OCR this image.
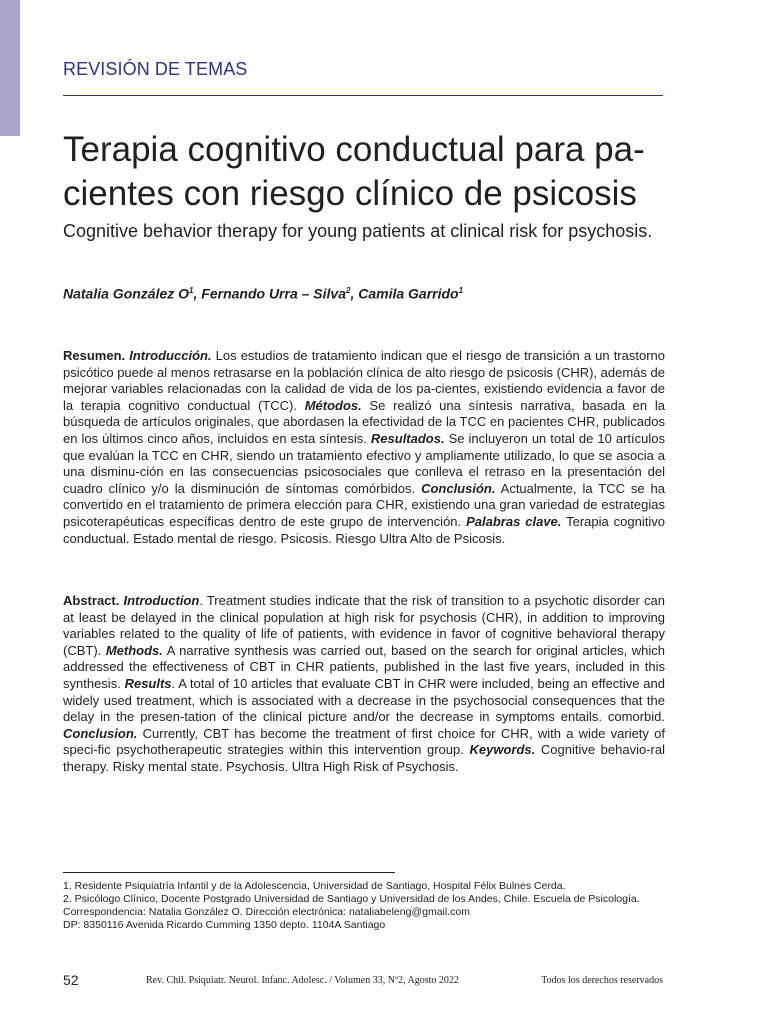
REVISIÓN DE TEMAS

Terapia cognitivo conductual para pa-cientes con riesgo clínico de psicosis

Cognitive behavior therapy for young patients at clinical risk for psychosis.

Natalia González $O^1$, Fernando Urra – Silva$^2$, Camila Garrido$^1$

Resumen. Introducción. Los estudios de tratamiento indican que el riesgo de transición a un trastorno psicótico puede al menos retrasarse en la población clínica de alto riesgo de psicosis (CHR), además de mejorar variables relacionadas con la calidad de vida de los pa-cientes, existiendo evidencia a favor de la terapia cognitivo conductual (TCC). Métodos. Se realizó una síntesis narrativa, basada en la búsqueda de artículos originales, que abordasen la efectividad de la TCC en pacientes CHR, publicados en los últimos cinco años, incluidos en esta síntesis. Resultados. Se incluyeron un total de 10 artículos que evalúan la TCC en CHR, siendo un tratamiento efectivo y ampliamente utilizado, lo que se asocia a una disminu-ción en las consecuencias psicosociales que conlleva el retraso en la presentación del cuadro clínico y/o la disminución de síntomas comórbidos. Conclusión. Actualmente, la TCC se ha convertido en el tratamiento de primera elección para CHR, existiendo una gran variedad de estrategias psicoterapéuticas específicas dentro de este grupo de intervención. Palabras clave. Terapia cognitivo conductual. Estado mental de riesgo. Psicosis. Riesgo Ultra Alto de Psicosis.

Abstract. Introduction. Treatment studies indicate that the risk of transition to a psychotic disorder can at least be delayed in the clinical population at high risk for psychosis (CHR), in addition to improving variables related to the quality of life of patients, with evidence in favor of cognitive behavioral therapy (CBT). Methods. A narrative synthesis was carried out, based on the search for original articles, which addressed the effectiveness of CBT in CHR patients, published in the last five years, included in this synthesis. Results. A total of 10 articles that evaluate CBT in CHR were included, being an effective and widely used treatment, which is associated with a decrease in the psychosocial consequences that the delay in the presen-tation of the clinical picture and/or the decrease in symptoms entails. comorbid. Conclusion. Currently, CBT has become the treatment of first choice for CHR, with a wide variety of speci-fic psychotherapeutic strategies within this intervention group. Keywords. Cognitive behavio-ral therapy. Risky mental state. Psychosis. Ultra High Risk of Psychosis.

1. Residente Psiquiatría Infantil y de la Adolescencia, Universidad de Santiago, Hospital Félix Bulnes Cerda.
2. Psicólogo Clínico, Docente Postgrado Universidad de Santiago y Universidad de los Andes, Chile. Escuela de Psicología.
Correspondencia: Natalia González O. Dirección electrónica: nataliabeleng@gmail.com
DP: 8350116 Avenida Ricardo Cumming 1350 depto. 1104A Santiago
52	Rev. Chil. Psiquiatr. Neurol. Infanc. Adolesc. / Volumen 33, Nº2, Agosto 2022	Todos los derechos reservados
